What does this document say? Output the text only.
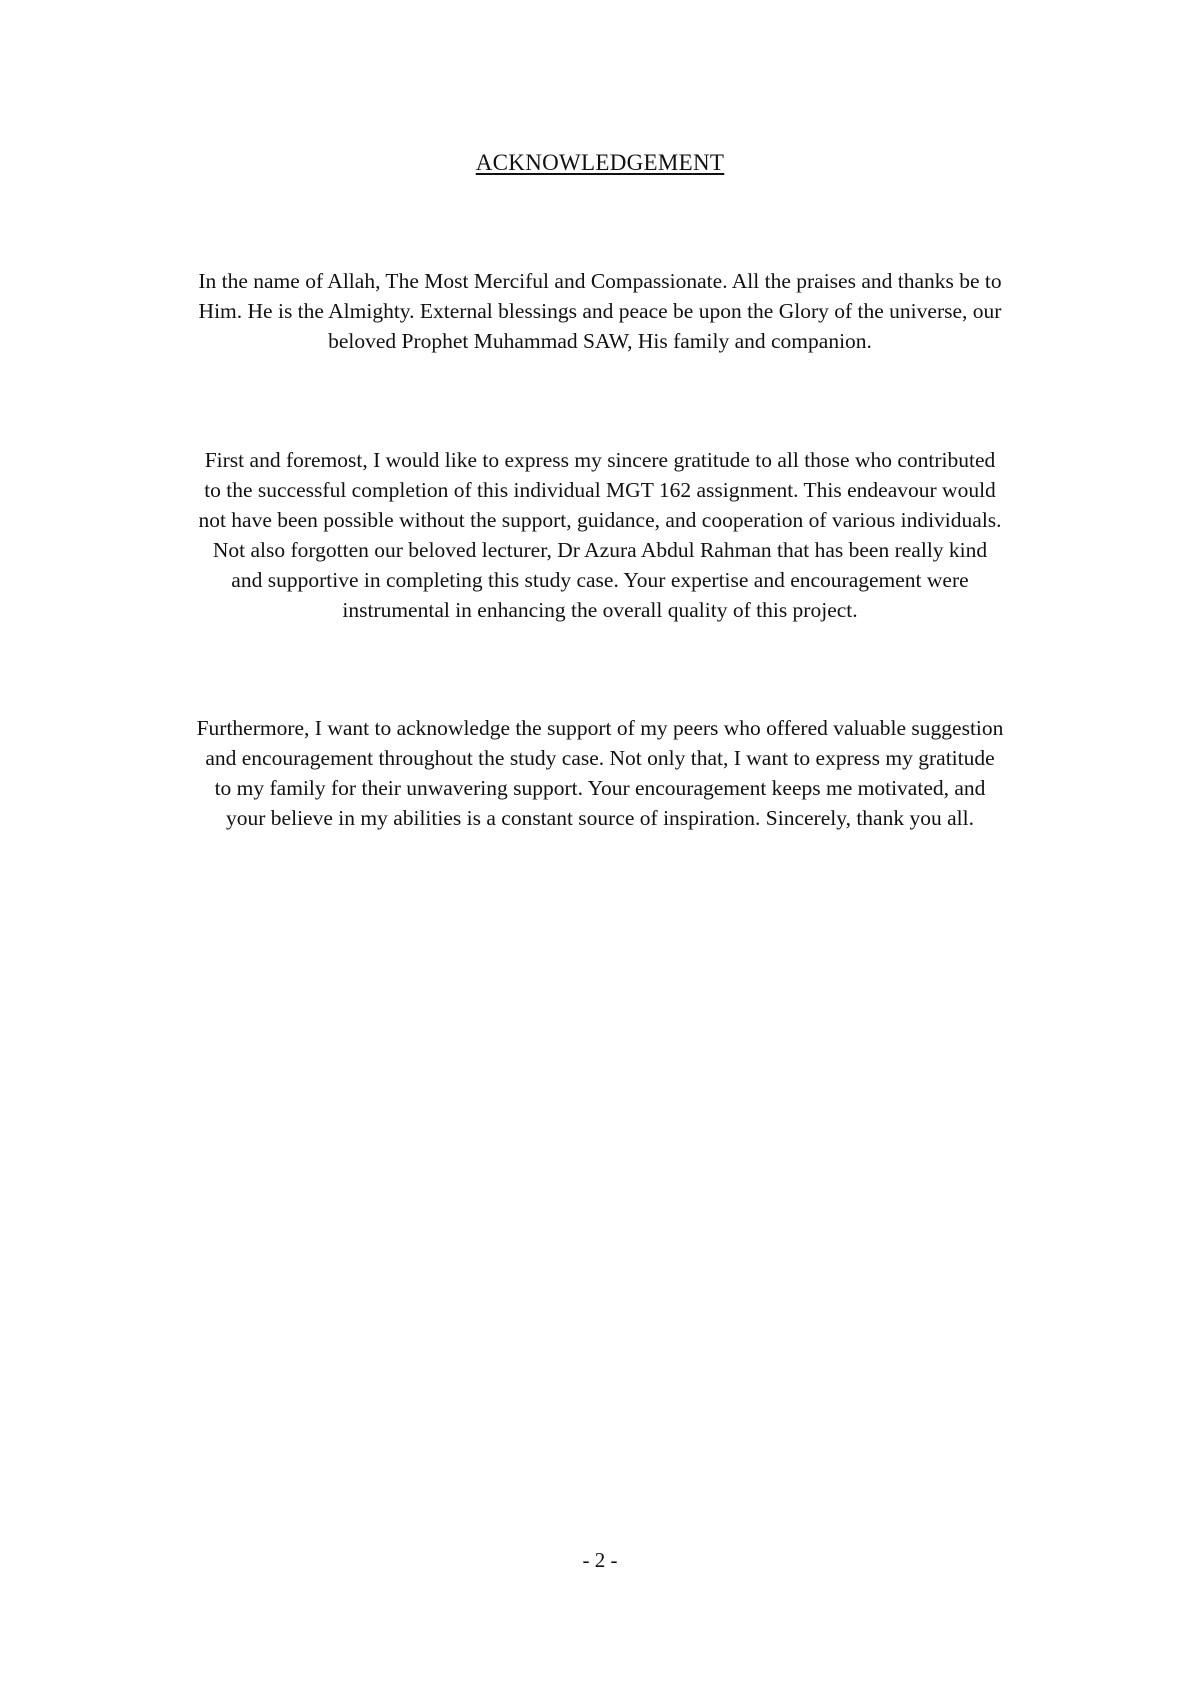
ACKNOWLEDGEMENT
In the name of Allah, The Most Merciful and Compassionate. All the praises and thanks be to
Him. He is the Almighty. External blessings and peace be upon the Glory of the universe, our
beloved Prophet Muhammad SAW, His family and companion.
First and foremost, I would like to express my sincere gratitude to all those who contributed
to the successful completion of this individual MGT 162 assignment. This endeavour would
not have been possible without the support, guidance, and cooperation of various individuals.
Not also forgotten our beloved lecturer, Dr Azura Abdul Rahman that has been really kind
and supportive in completing this study case. Your expertise and encouragement were
instrumental in enhancing the overall quality of this project.
Furthermore, I want to acknowledge the support of my peers who offered valuable suggestion
and encouragement throughout the study case. Not only that, I want to express my gratitude
to my family for their unwavering support. Your encouragement keeps me motivated, and
your believe in my abilities is a constant source of inspiration. Sincerely, thank you all.
- 2 -
